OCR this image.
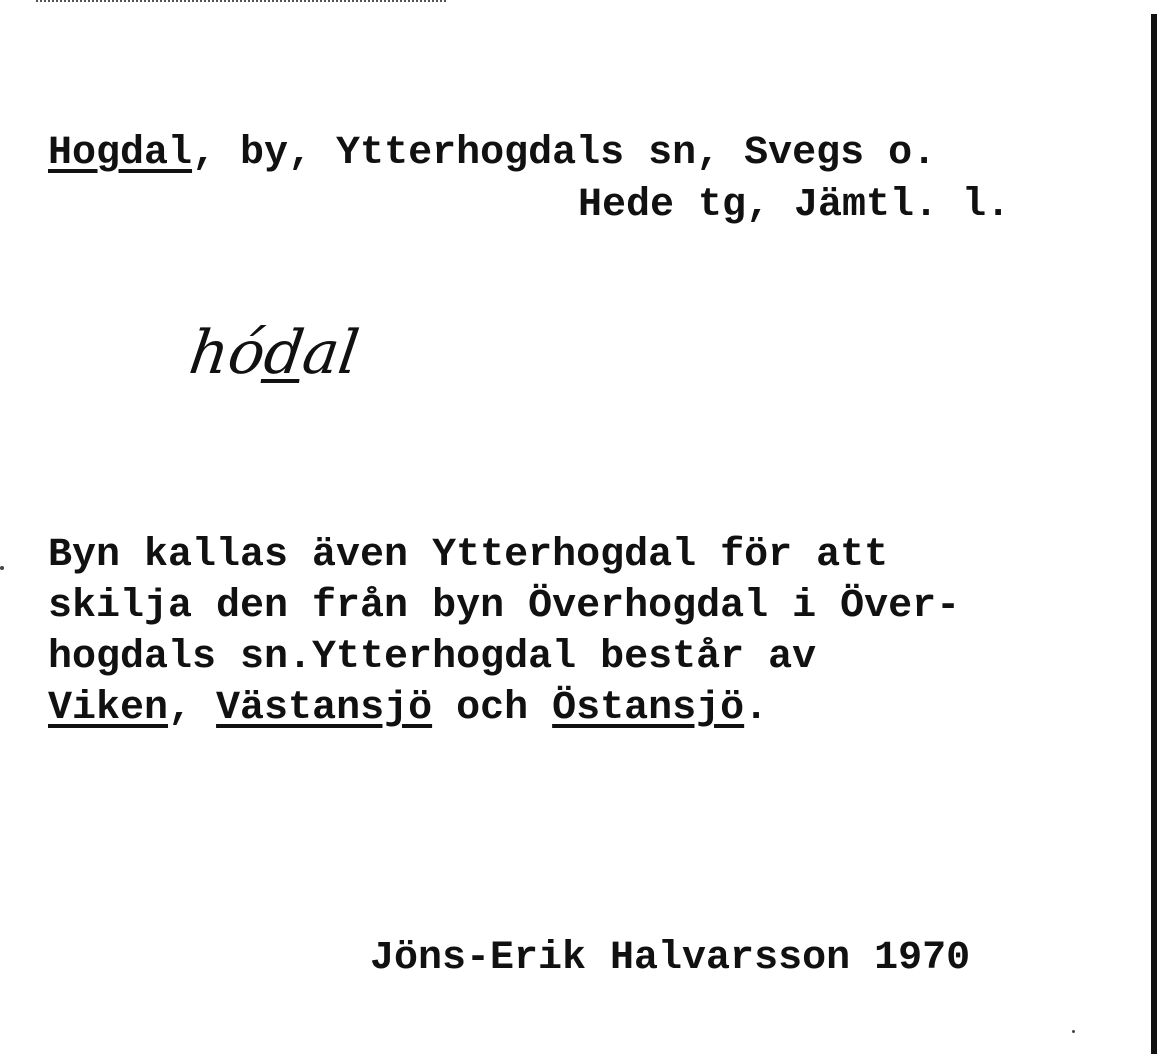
Hogdal, by, Ytterhogdals sn, Svegs o.
Hede tg, Jämtl. l.
hódal
Byn kallas även Ytterhogdal för att
skilja den från byn Överhogdal i Över-
hogdals sn.Ytterhogdal består av
Viken, Västansjö och Östansjö.
Jöns-Erik Halvarsson 1970
